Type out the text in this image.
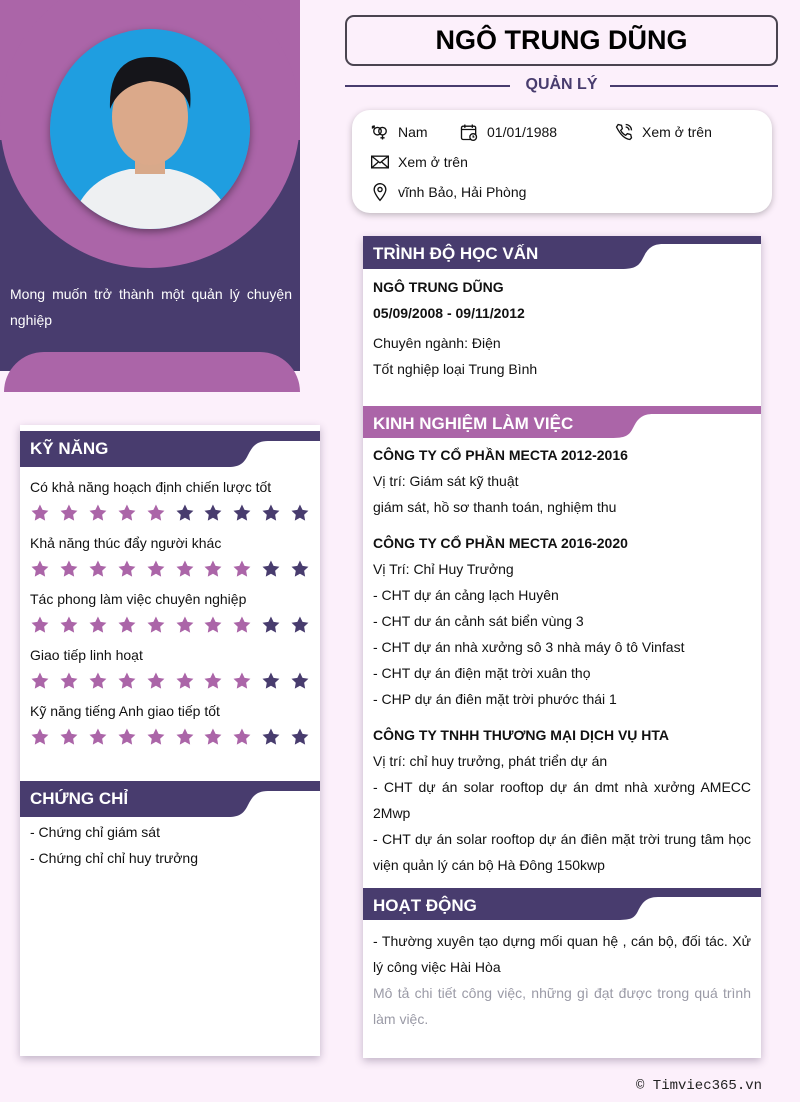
Mong muốn trở thành một quản lý chuyện nghiệp
NGÔ TRUNG DŨNG
QUẢN LÝ
Nam	01/01/1988	Xem ở trên
Xem ở trên
vĩnh Bảo, Hải Phòng
KỸ NĂNG
Có khả năng hoạch định chiến lược tốt
Khả năng thúc đẩy người khác
Tác phong làm việc chuyên nghiệp
Giao tiếp linh hoạt
Kỹ năng tiếng Anh giao tiếp tốt
CHỨNG CHỈ
- Chứng chỉ giám sát
- Chứng chỉ chỉ huy trưởng
TRÌNH ĐỘ HỌC VẤN
NGÔ TRUNG DŨNG
05/09/2008 - 09/11/2012
Chuyên ngành: Điện
Tốt nghiệp loại Trung Bình
KINH NGHIỆM LÀM VIỆC
CÔNG TY CỔ PHẦN MECTA 2012-2016
Vị trí: Giám sát kỹ thuật
giám sát, hồ sơ thanh toán, nghiệm thu
CÔNG TY CỔ PHẦN MECTA 2016-2020
Vị Trí: Chỉ Huy Trưởng
- CHT dự án cảng lạch Huyên
- CHT dư án cảnh sát biển vùng 3
- CHT dự án nhà xưởng sô 3 nhà máy ô tô Vinfast
- CHT dự án điện mặt trời xuân thọ
- CHP dự án điên mặt trời phước thái 1
CÔNG TY TNHH THƯƠNG MẠI DỊCH VỤ HTA
Vị trí: chỉ huy trưởng, phát triển dự án
- CHT dự án solar rooftop dự án dmt nhà xưởng AMECC 2Mwp
- CHT dự án solar rooftop dự án điên mặt trời trung tâm học viện quản lý cán bộ Hà Đông 150kwp
HOẠT ĐỘNG
- Thường xuyên tạo dựng mối quan hệ , cán bộ, đối tác. Xử lý công việc Hài Hòa
Mô tả chi tiết công việc, những gì đạt được trong quá trình làm việc.
© Timviec365.vn
